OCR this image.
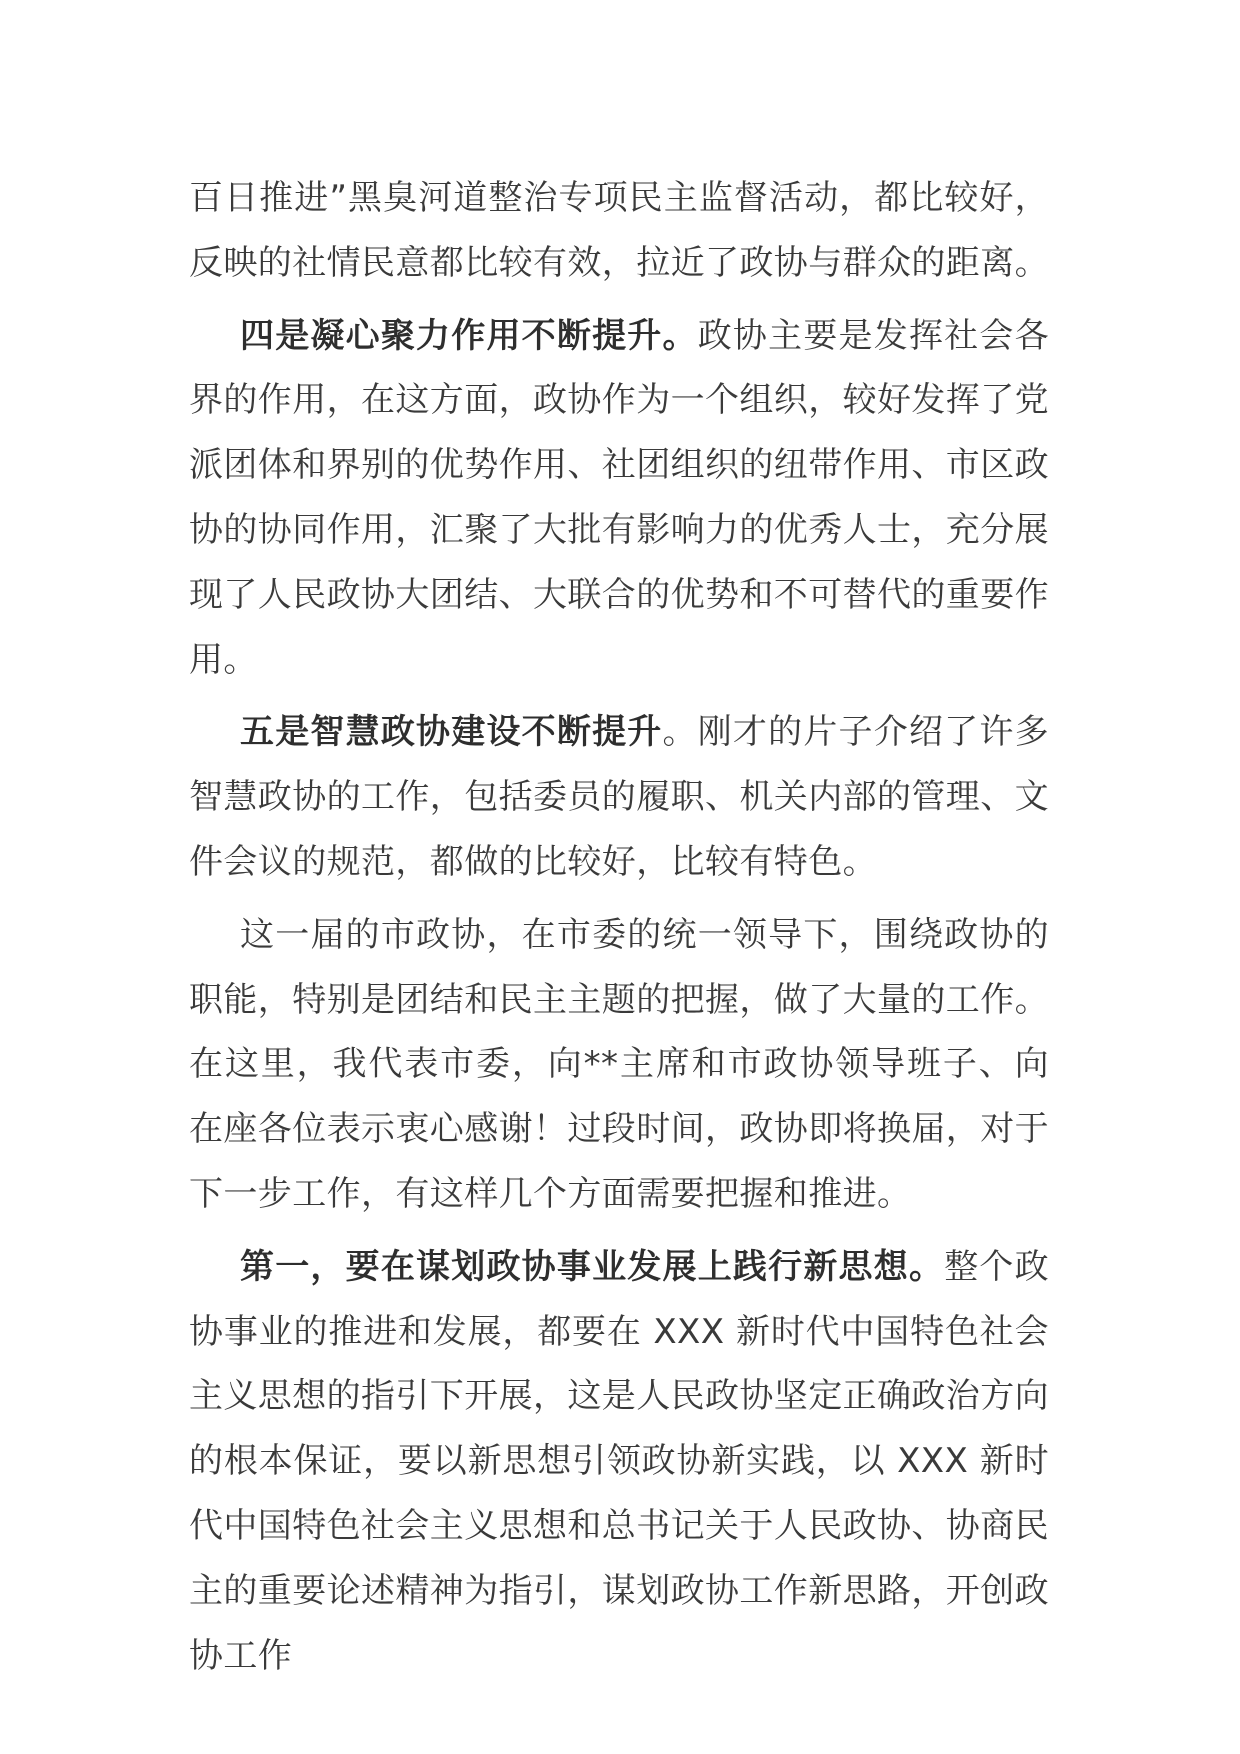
百日推进”黑臭河道整治专项民主监督活动，都比较好，反映的社情民意都比较有效，拉近了政协与群众的距离。

四是凝心聚力作用不断提升。政协主要是发挥社会各界的作用，在这方面，政协作为一个组织，较好发挥了党派团体和界别的优势作用、社团组织的纽带作用、市区政协的协同作用，汇聚了大批有影响力的优秀人士，充分展现了人民政协大团结、大联合的优势和不可替代的重要作用。

五是智慧政协建设不断提升。刚才的片子介绍了许多智慧政协的工作，包括委员的履职、机关内部的管理、文件会议的规范，都做的比较好，比较有特色。

这一届的市政协，在市委的统一领导下，围绕政协的职能，特别是团结和民主主题的把握，做了大量的工作。在这里，我代表市委，向**主席和市政协领导班子、向在座各位表示衷心感谢！过段时间，政协即将换届，对于下一步工作，有这样几个方面需要把握和推进。

第一，要在谋划政协事业发展上践行新思想。整个政协事业的推进和发展，都要在 XXX 新时代中国特色社会主义思想的指引下开展，这是人民政协坚定正确政治方向的根本保证，要以新思想引领政协新实践，以 XXX 新时代中国特色社会主义思想和总书记关于人民政协、协商民主的重要论述精神为指引，谋划政协工作新思路，开创政协工作
